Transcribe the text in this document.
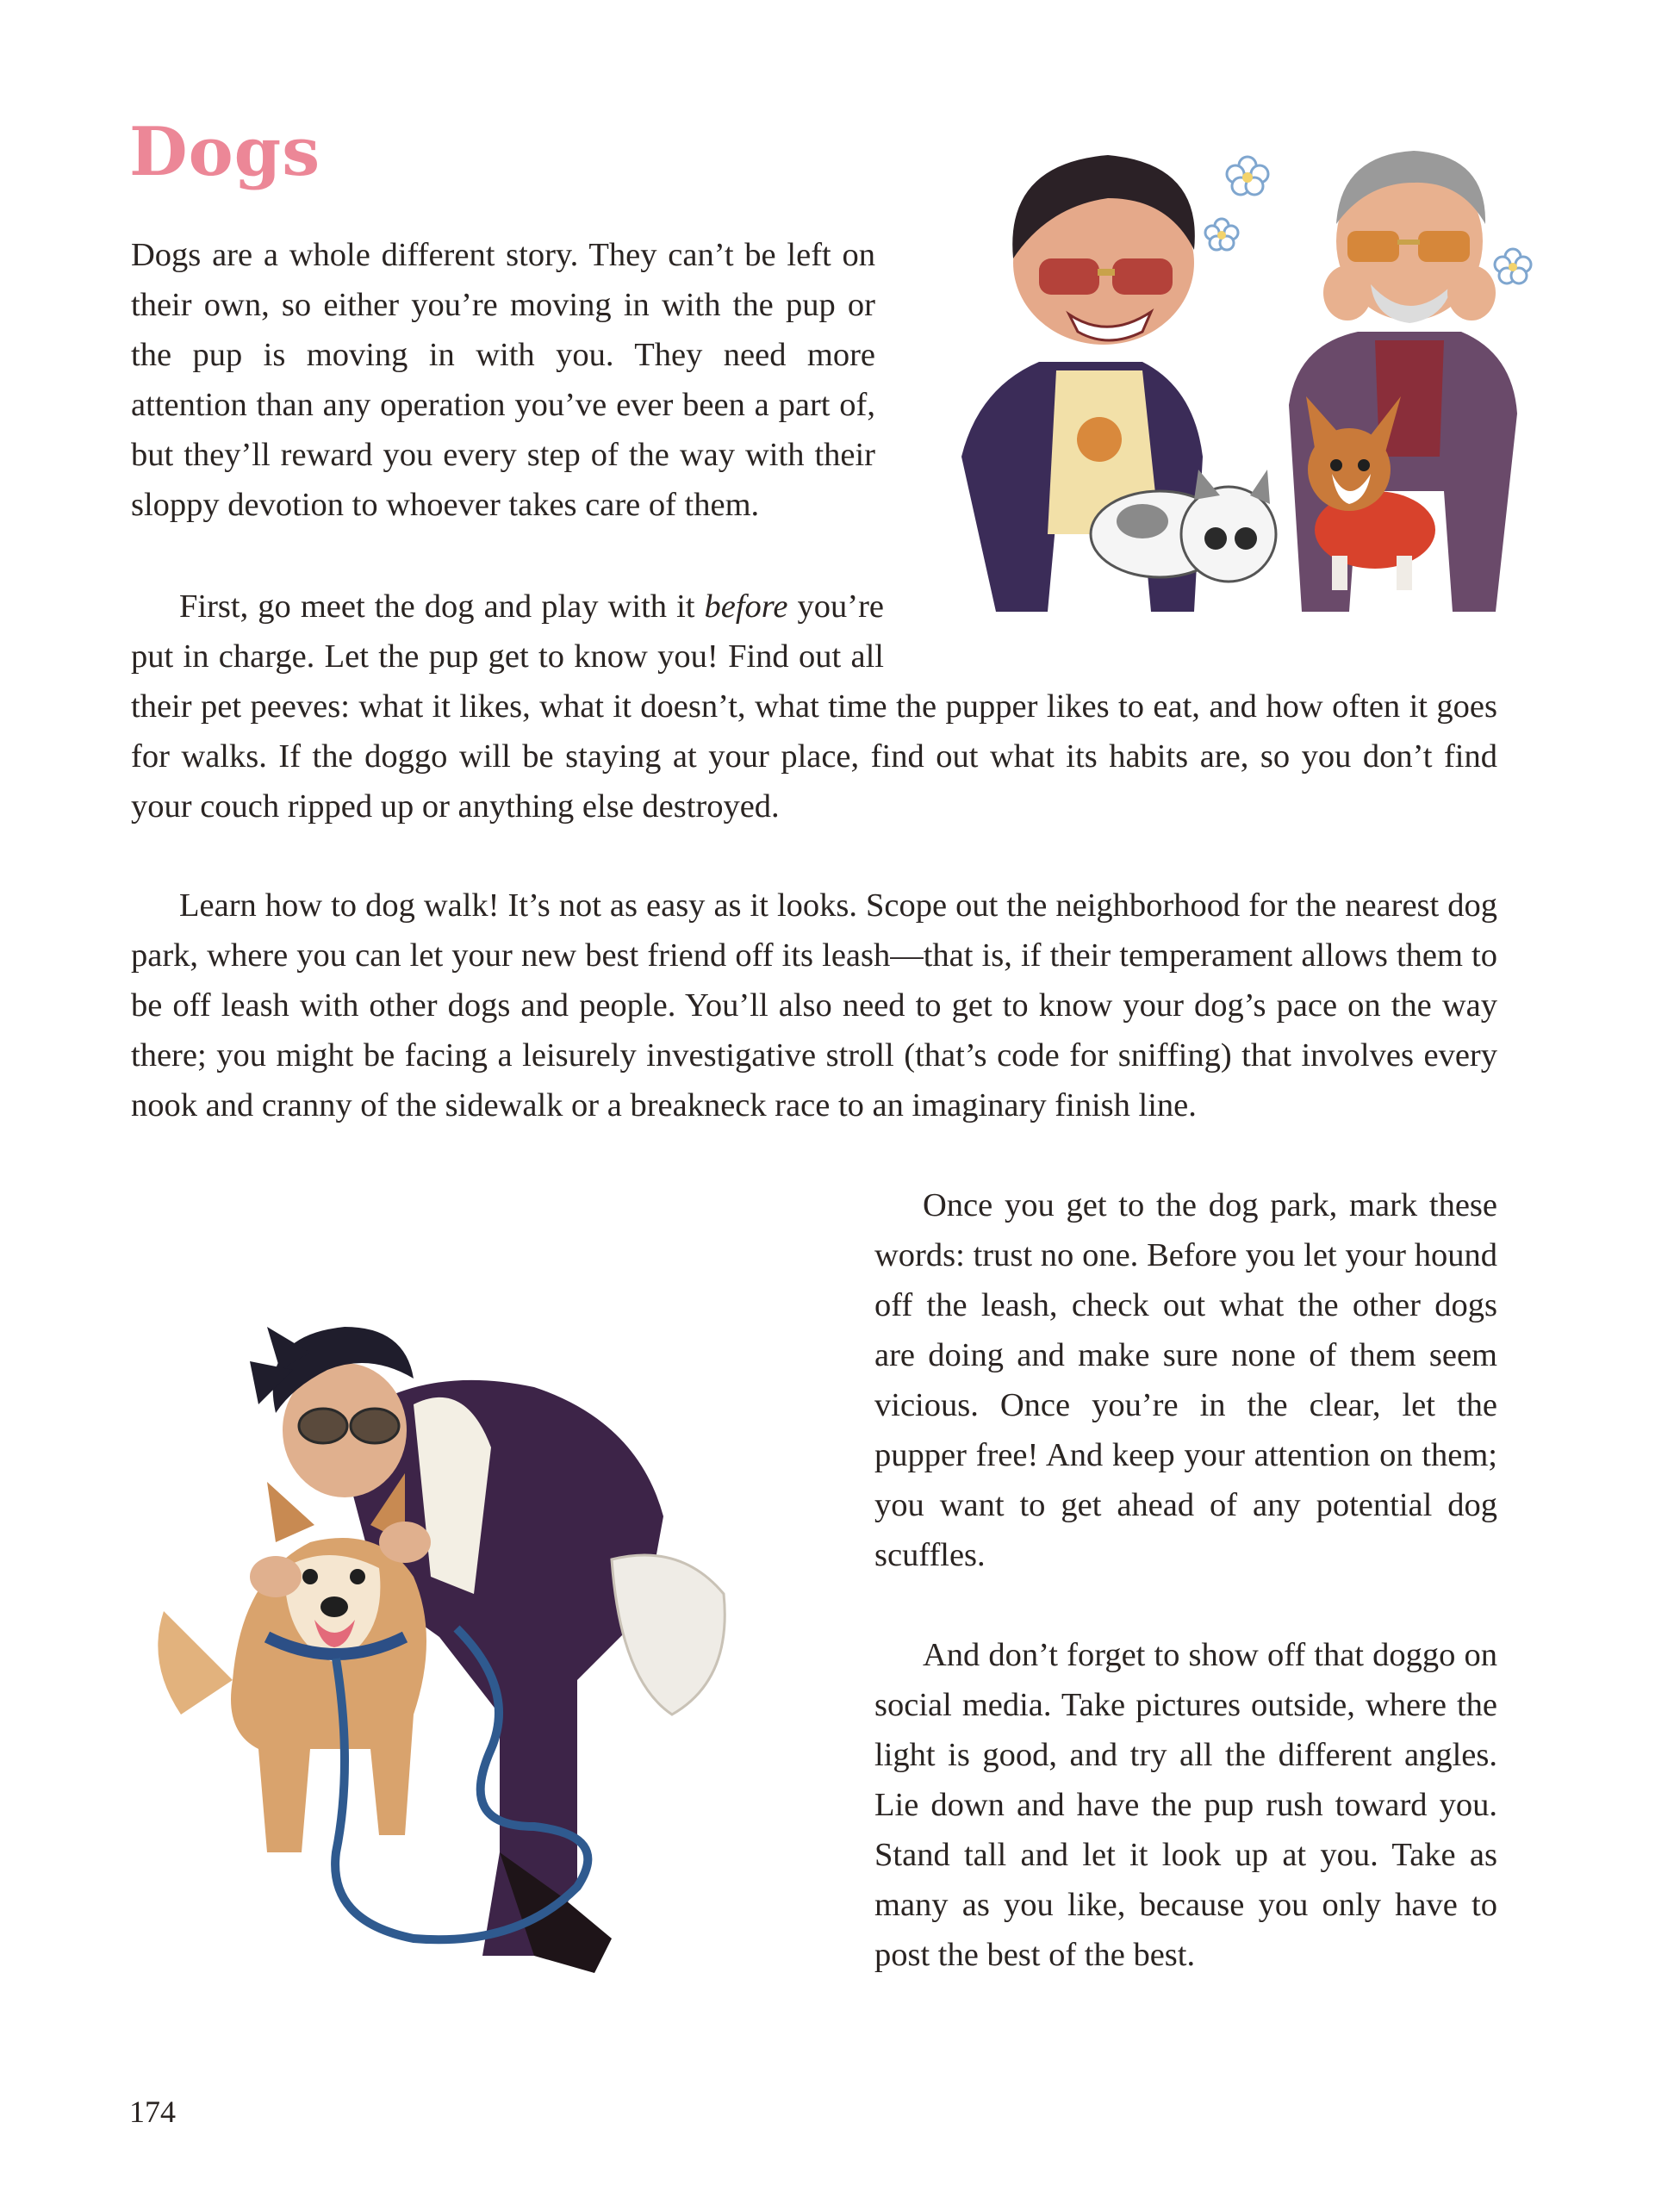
Dogs

Dogs are a whole different story. They can’t be left on their own, so either you’re moving in with the pup or the pup is moving in with you. They need more attention than any operation you’ve ever been a part of, but they’ll reward you every step of the way with their sloppy devotion to whoever takes care of them.

First, go meet the dog and play with it before you’re put in charge. Let the pup get to know you! Find out all their pet peeves: what it likes, what it doesn’t, what time the pupper likes to eat, and how often it goes for walks. If the doggo will be staying at your place, find out what its habits are, so you don’t find your couch ripped up or anything else destroyed.

Learn how to dog walk! It’s not as easy as it looks. Scope out the neighborhood for the nearest dog park, where you can let your new best friend off its leash—that is, if their temperament allows them to be off leash with other dogs and people. You’ll also need to get to know your dog’s pace on the way there; you might be facing a leisurely investigative stroll (that’s code for sniffing) that involves every nook and cranny of the sidewalk or a breakneck race to an imaginary finish line.

Once you get to the dog park, mark these words: trust no one. Before you let your hound off the leash, check out what the other dogs are doing and make sure none of them seem vicious. Once you’re in the clear, let the pupper free! And keep your attention on them; you want to get ahead of any potential dog scuffles.

And don’t forget to show off that doggo on social media. Take pictures outside, where the light is good, and try all the different angles. Lie down and have the pup rush toward you. Stand tall and let it look up at you. Take as many as you like, because you only have to post the best of the best.

174
